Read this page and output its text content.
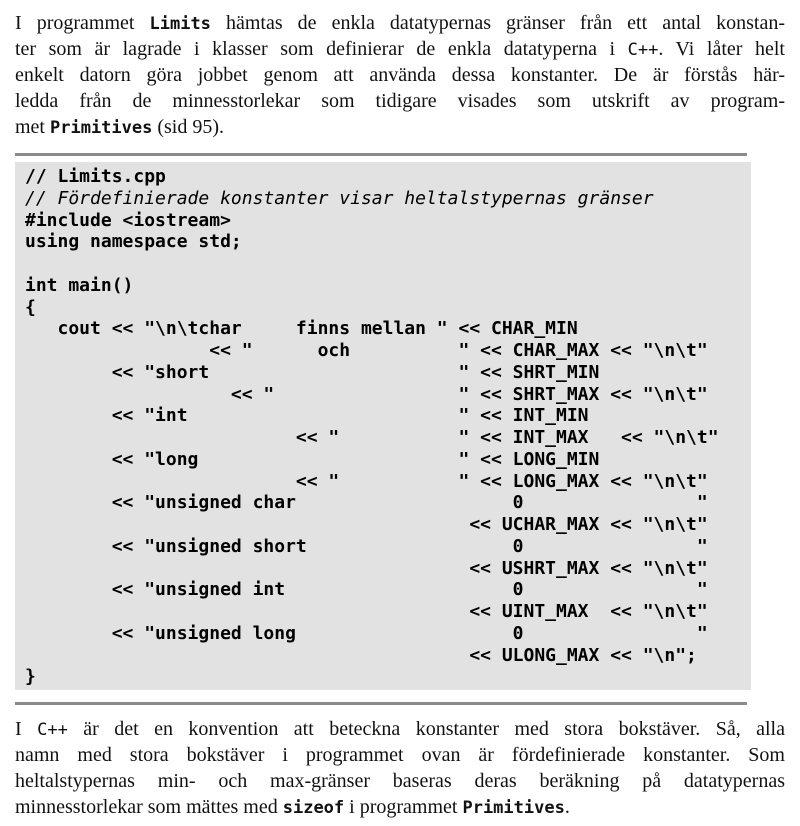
I programmet Limits hämtas de enkla datatypernas gränser från ett antal konstan-
ter som är lagrade i klasser som definierar de enkla datatyperna i C++. Vi låter helt
enkelt datorn göra jobbet genom att använda dessa konstanter. De är förstås här-
ledda från de minnesstorlekar som tidigare visades som utskrift av program-
met Primitives (sid 95).
// Limits.cpp
// Fördefinierade konstanter visar heltalstypernas gränser
#include <iostream>
using namespace std;

int main()
{
cout << "\n\tchar     finns mellan " << CHAR_MIN
<< "      och          " << CHAR_MAX << "\n\t"
<< "short                       " << SHRT_MIN
<< "                 " << SHRT_MAX << "\n\t"
<< "int                         " << INT_MIN
<< "           " << INT_MAX   << "\n\t"
<< "long                        " << LONG_MIN
<< "           " << LONG_MAX << "\n\t"
<< "unsigned char                    0                "
<< UCHAR_MAX << "\n\t"
<< "unsigned short                   0                "
<< USHRT_MAX << "\n\t"
<< "unsigned int                     0                "
<< UINT_MAX  << "\n\t"
<< "unsigned long                    0                "
<< ULONG_MAX << "\n";
}
I C++ är det en konvention att beteckna konstanter med stora bokstäver. Så, alla
namn med stora bokstäver i programmet ovan är fördefinierade konstanter. Som
heltalstypernas min- och max-gränser baseras deras beräkning på datatypernas
minnesstorlekar som mättes med sizeof i programmet Primitives.
